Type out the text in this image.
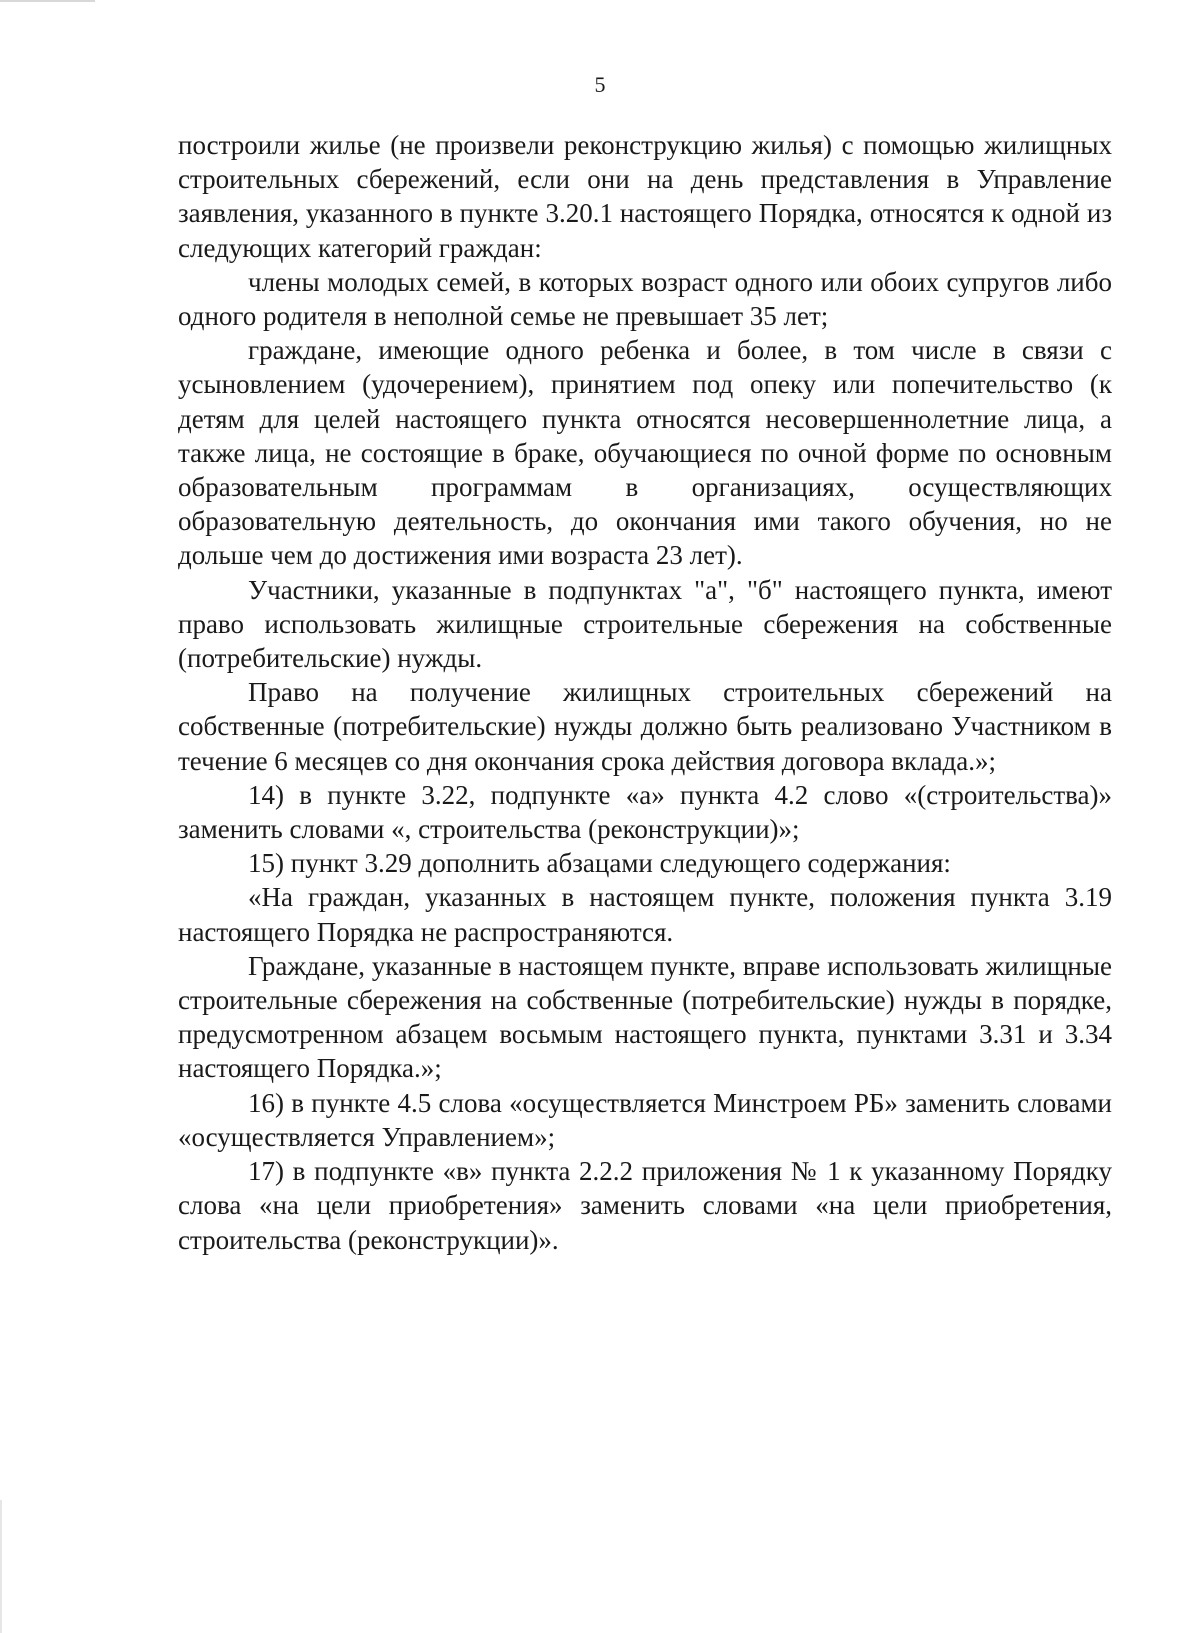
5

построили жилье (не произвели реконструкцию жилья) с помощью жилищных строительных сбережений, если они на день представления в Управление заявления, указанного в пункте 3.20.1 настоящего Порядка, относятся к одной из следующих категорий граждан:

члены молодых семей, в которых возраст одного или обоих супругов либо одного родителя в неполной семье не превышает 35 лет;

граждане, имеющие одного ребенка и более, в том числе в связи с усыновлением (удочерением), принятием под опеку или попечительство (к детям для целей настоящего пункта относятся несовершеннолетние лица, а также лица, не состоящие в браке, обучающиеся по очной форме по основным образовательным программам в организациях, осуществляющих образовательную деятельность, до окончания ими такого обучения, но не дольше чем до достижения ими возраста 23 лет).

Участники, указанные в подпунктах "а", "б" настоящего пункта, имеют право использовать жилищные строительные сбережения на собственные (потребительские) нужды.

Право на получение жилищных строительных сбережений на собственные (потребительские) нужды должно быть реализовано Участником в течение 6 месяцев со дня окончания срока действия договора вклада.»;

14) в пункте 3.22, подпункте «а» пункта 4.2 слово «(строительства)» заменить словами «, строительства (реконструкции)»;

15) пункт 3.29 дополнить абзацами следующего содержания:

«На граждан, указанных в настоящем пункте, положения пункта 3.19 настоящего Порядка не распространяются.

Граждане, указанные в настоящем пункте, вправе использовать жилищные строительные сбережения на собственные (потребительские) нужды в порядке, предусмотренном абзацем восьмым настоящего пункта, пунктами 3.31 и 3.34 настоящего Порядка.»;

16) в пункте 4.5 слова «осуществляется Минстроем РБ» заменить словами «осуществляется Управлением»;

17) в подпункте «в» пункта 2.2.2 приложения № 1 к указанному Порядку слова «на цели приобретения» заменить словами «на цели приобретения, строительства (реконструкции)».
